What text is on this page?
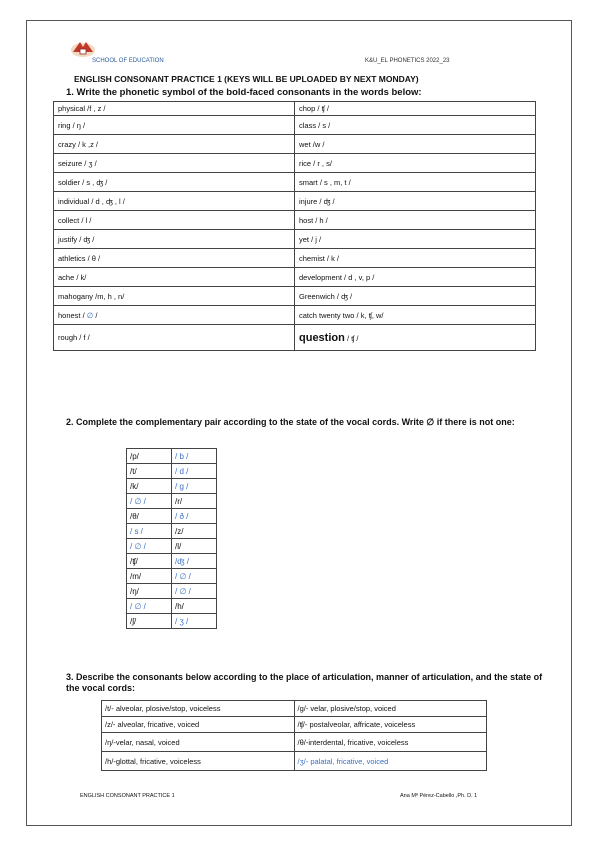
SCHOOL OF EDUCATION	K&U_EL PHONETICS 2022_23
ENGLISH CONSONANT PRACTICE 1 (KEYS WILL BE UPLOADED BY NEXT MONDAY)
1. Write the phonetic symbol of the bold-faced consonants in the words below:
physical /f , z /	chop / ʧ /
ring / ŋ /	class / s /
crazy / k ,z /	wet /w /
seizure / ʒ /	rice / r , s/
soldier / s , ʤ /	smart / s , m, t /
individual / d , ʤ , l /	injure / ʤ /
collect / l /	host / h /
justify / ʤ /	yet / j /
athletics / θ /	chemist / k /
ache / k/	development / d , v, p /
mahogany /m, h , n/	Greenwich / ʤ /
honest / ∅ /	catch twenty two / k, ʧ, w/
rough / f /	question / ʧ /
2. Complete the complementary pair according to the state of the vocal cords. Write ∅ if there is not one:
/p/	/ b /
/t/	/ d /
/k/	/ g /
/ ∅ /	/r/
/θ/	/ ð /
/ s /	/z/
/ ∅ /	/l/
/ʧ/	/ʤ /
/m/	/ ∅ /
/ŋ/	/ ∅ /
/ ∅ /	/h/
/ʃ/	/ ʒ /
3. Describe the consonants below according to the place of articulation, manner of articulation, and the state of the vocal cords:
/t/- alveolar, plosive/stop, voiceless	/g/- velar, plosive/stop, voiced
/z/- alveolar, fricative, voiced	/ʧ/- postalveolar, affricate, voiceless
/ŋ/-velar, nasal, voiced	/θ/-interdental, fricative, voiceless
/h/-glottal, fricative, voiceless	/ʒ/- palatal, fricative, voiced
ENGLISH CONSONANT PRACTICE 1	Ana Mª Pérez-Cabello ,Ph. D. 1
